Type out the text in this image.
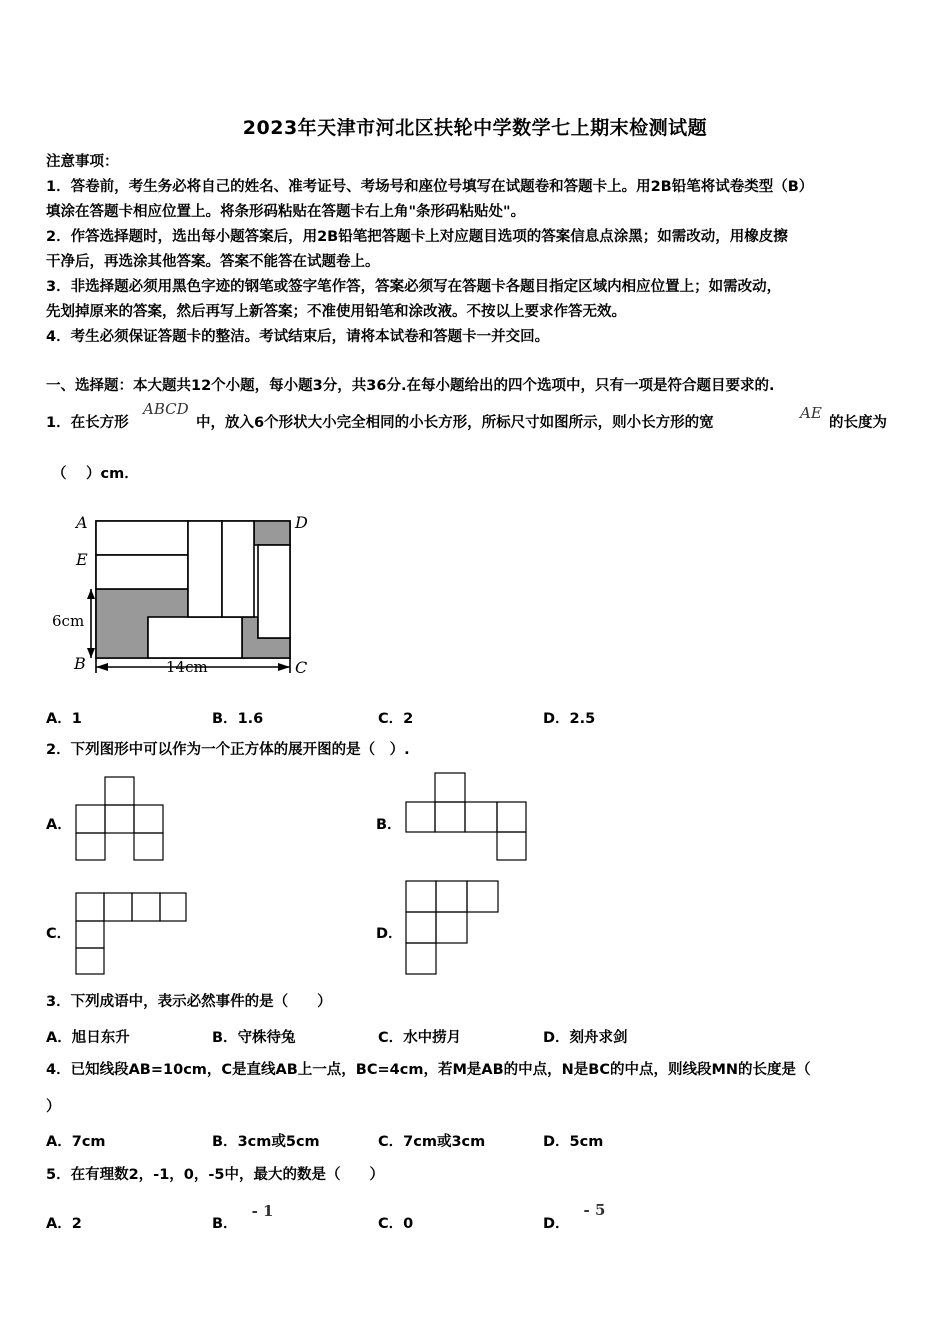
2023年天津市河北区扶轮中学数学七上期末检测试题
注意事项：
1．答卷前，考生务必将自己的姓名、准考证号、考场号和座位号填写在试题卷和答题卡上。用2B铅笔将试卷类型（B）
填涂在答题卡相应位置上。将条形码粘贴在答题卡右上角"条形码粘贴处"。
2．作答选择题时，选出每小题答案后，用2B铅笔把答题卡上对应题目选项的答案信息点涂黑；如需改动，用橡皮擦
干净后，再选涂其他答案。答案不能答在试题卷上。
3．非选择题必须用黑色字迹的钢笔或签字笔作答，答案必须写在答题卡各题目指定区域内相应位置上；如需改动，
先划掉原来的答案，然后再写上新答案；不准使用铅笔和涂改液。不按以上要求作答无效。
4．考生必须保证答题卡的整洁。考试结束后，请将本试卷和答题卡一并交回。
一、选择题：本大题共12个小题，每小题3分，共36分.在每小题给出的四个选项中，只有一项是符合题目要求的.
1．在长方形
ABCD
中，放入6个形状大小完全相同的小长方形，所标尺寸如图所示，则小长方形的宽
AE
的长度为
（　 ）cm．
A	D
E
B	C
6cm
14cm
A．1	B．1.6	C．2	D．2.5
2．下列图形中可以作为一个正方体的展开图的是（　）.
A．	B．
C．	D．
3．下列成语中，表示必然事件的是（　　）
A．旭日东升	B．守株待兔	C．水中捞月	D．刻舟求剑
4．已知线段AB=10cm，C是直线AB上一点，BC=4cm，若M是AB的中点，N是BC的中点，则线段MN的长度是（
）
A．7cm	B．3cm或5cm	C．7cm或3cm	D．5cm
5．在有理数2，-1，0，-5中，最大的数是（　　）
A．2	B．- 1
C．0	D．- 5
